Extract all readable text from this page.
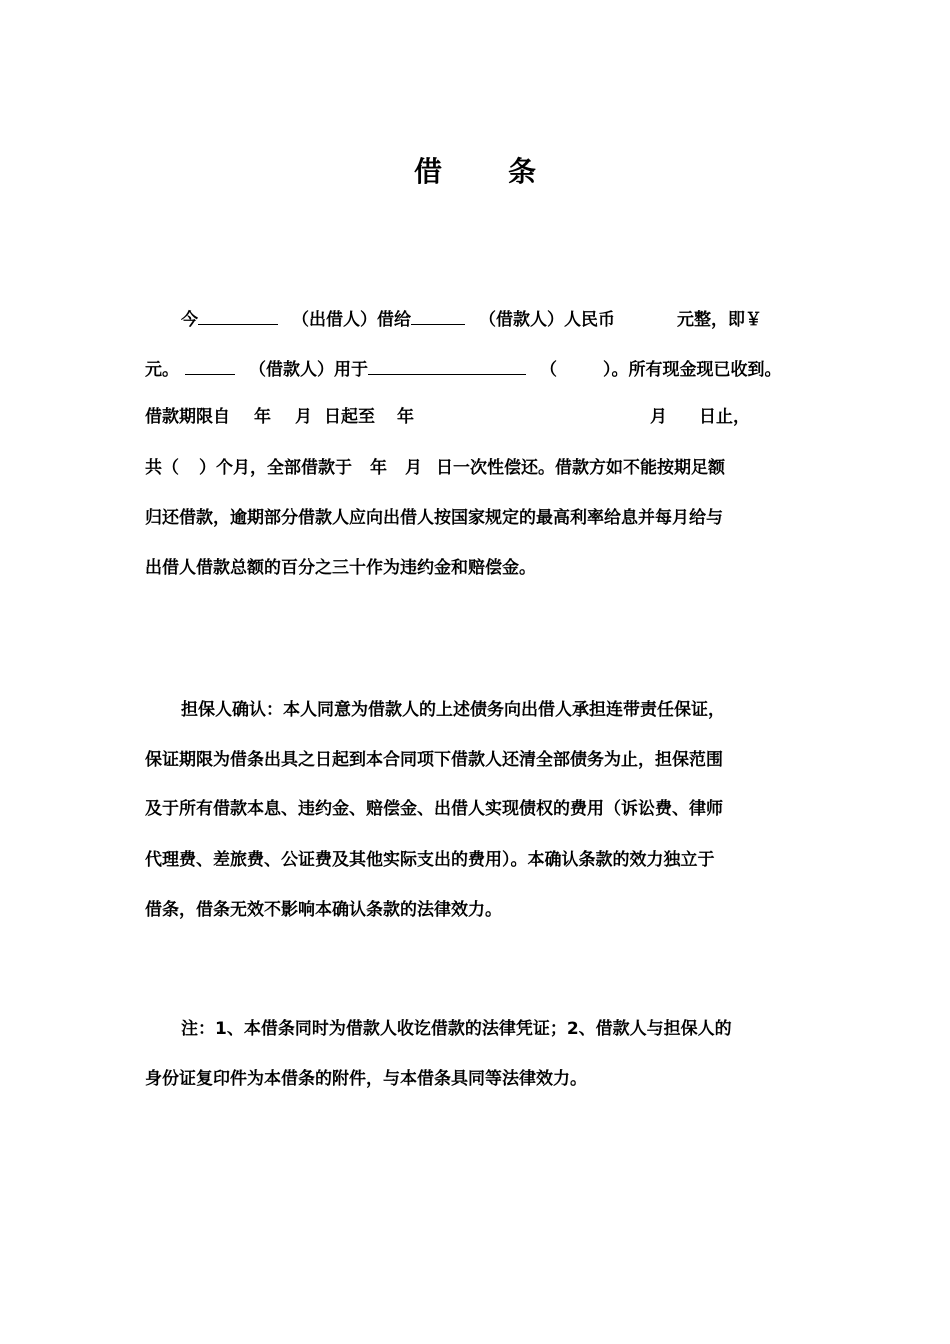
借 条
今	（出借人）借给	（借款人）人民币	元整，即￥
元。	（借款人）用于	（	）。所有现金现已收到。
借款期限自 年 月 日起至 年	月 日止，
共（ ）个月，全部借款于 年 月 日一次性偿还。借款方如不能按期足额
归还借款，逾期部分借款人应向出借人按国家规定的最高利率给息并每月给与
出借人借款总额的百分之三十作为违约金和赔偿金。
担保人确认：本人同意为借款人的上述债务向出借人承担连带责任保证，
保证期限为借条出具之日起到本合同项下借款人还清全部债务为止，担保范围
及于所有借款本息、违约金、赔偿金、出借人实现债权的费用（诉讼费、律师
代理费、差旅费、公证费及其他实际支出的费用）。本确认条款的效力独立于
借条，借条无效不影响本确认条款的法律效力。
注：1、本借条同时为借款人收讫借款的法律凭证；2、借款人与担保人的
身份证复印件为本借条的附件，与本借条具同等法律效力。
